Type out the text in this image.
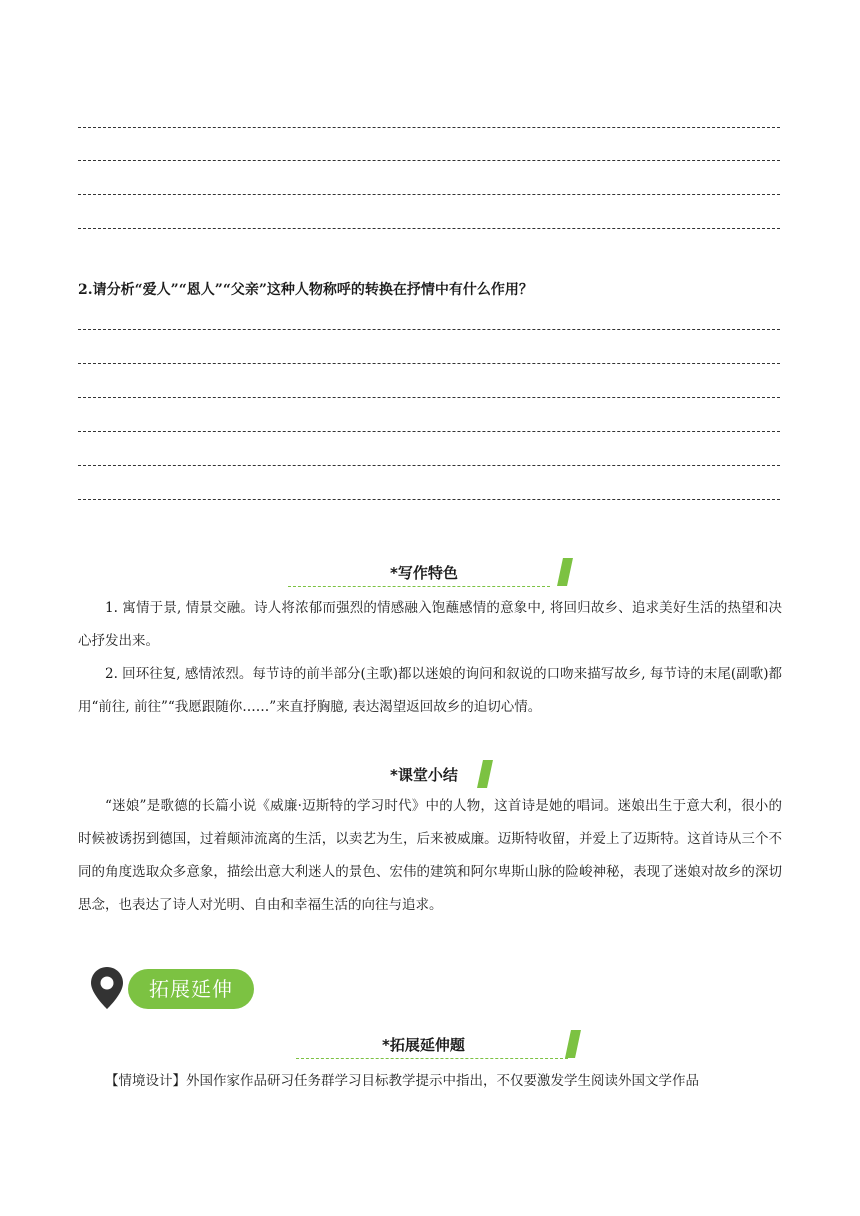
2.请分析“爱人”“恩人”“父亲”这种人物称呼的转换在抒情中有什么作用？
*写作特色

1. 寓情于景, 情景交融。诗人将浓郁而强烈的情感融入饱蘸感情的意象中, 将回归故乡、追求美好生活的热望和决心抒发出来。

2. 回环往复, 感情浓烈。每节诗的前半部分(主歌)都以迷娘的询问和叙说的口吻来描写故乡, 每节诗的末尾(副歌)都用“前往, 前往”“我愿跟随你……”来直抒胸臆, 表达渴望返回故乡的迫切心情。

*课堂小结

“迷娘”是歌德的长篇小说《威廉·迈斯特的学习时代》中的人物，这首诗是她的唱词。迷娘出生于意大利，很小的时候被诱拐到德国，过着颠沛流离的生活，以卖艺为生，后来被威廉。迈斯特收留，并爱上了迈斯特。这首诗从三个不同的角度选取众多意象，描绘出意大利迷人的景色、宏伟的建筑和阿尔卑斯山脉的险峻神秘，表现了迷娘对故乡的深切思念，也表达了诗人对光明、自由和幸福生活的向往与追求。

拓展延伸
*拓展延伸题

【情境设计】外国作家作品研习任务群学习目标教学提示中指出，不仅要激发学生阅读外国文学作品
